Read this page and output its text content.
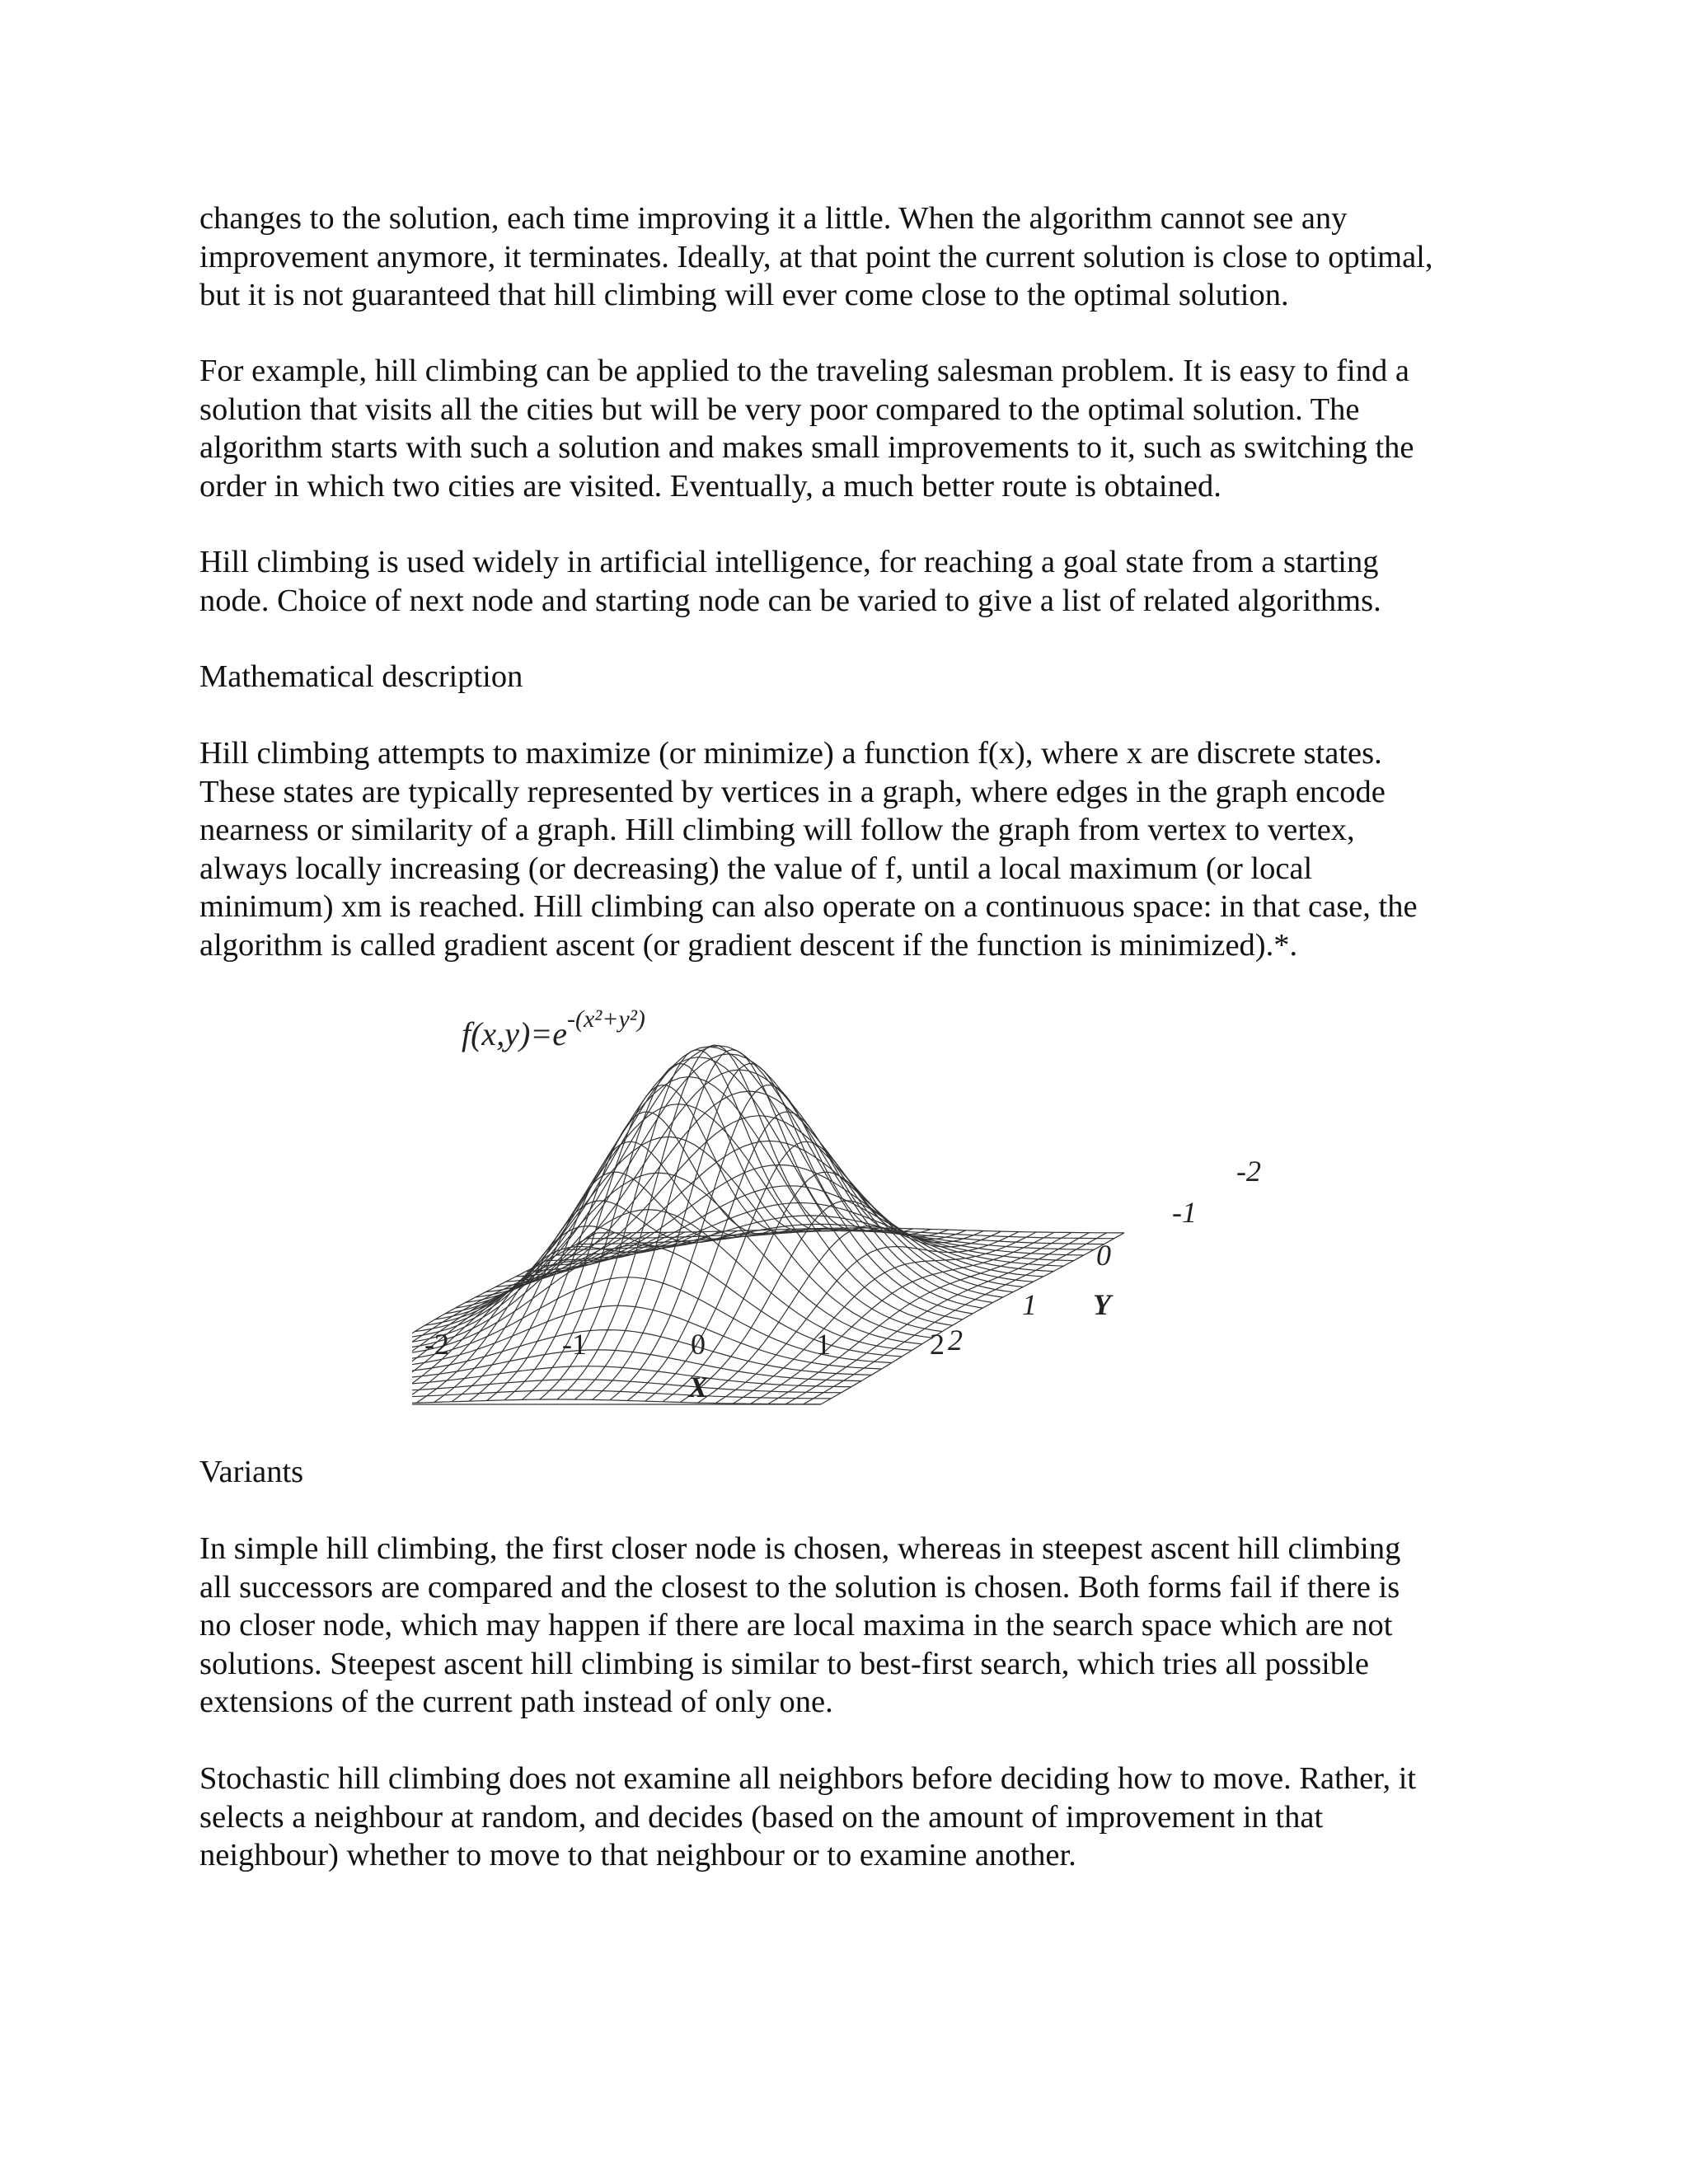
changes to the solution, each time improving it a little. When the algorithm cannot see any
improvement anymore, it terminates. Ideally, at that point the current solution is close to optimal,
but it is not guaranteed that hill climbing will ever come close to the optimal solution.
For example, hill climbing can be applied to the traveling salesman problem. It is easy to find a
solution that visits all the cities but will be very poor compared to the optimal solution. The
algorithm starts with such a solution and makes small improvements to it, such as switching the
order in which two cities are visited. Eventually, a much better route is obtained.
Hill climbing is used widely in artificial intelligence, for reaching a goal state from a starting
node. Choice of next node and starting node can be varied to give a list of related algorithms.

Mathematical description

Hill climbing attempts to maximize (or minimize) a function f(x), where x are discrete states.
These states are typically represented by vertices in a graph, where edges in the graph encode
nearness or similarity of a graph. Hill climbing will follow the graph from vertex to vertex,
always locally increasing (or decreasing) the value of f, until a local maximum (or local
minimum) xm is reached. Hill climbing can also operate on a continuous space: in that case, the
algorithm is called gradient ascent (or gradient descent if the function is minimized).*.
$f(x,y)=e^{-(x^2+y^2)}$
-2	-1	0	1	2
X
2
1
0
-1
-2
Y

Variants

In simple hill climbing, the first closer node is chosen, whereas in steepest ascent hill climbing
all successors are compared and the closest to the solution is chosen. Both forms fail if there is
no closer node, which may happen if there are local maxima in the search space which are not
solutions. Steepest ascent hill climbing is similar to best-first search, which tries all possible
extensions of the current path instead of only one.
Stochastic hill climbing does not examine all neighbors before deciding how to move. Rather, it
selects a neighbour at random, and decides (based on the amount of improvement in that
neighbour) whether to move to that neighbour or to examine another.
